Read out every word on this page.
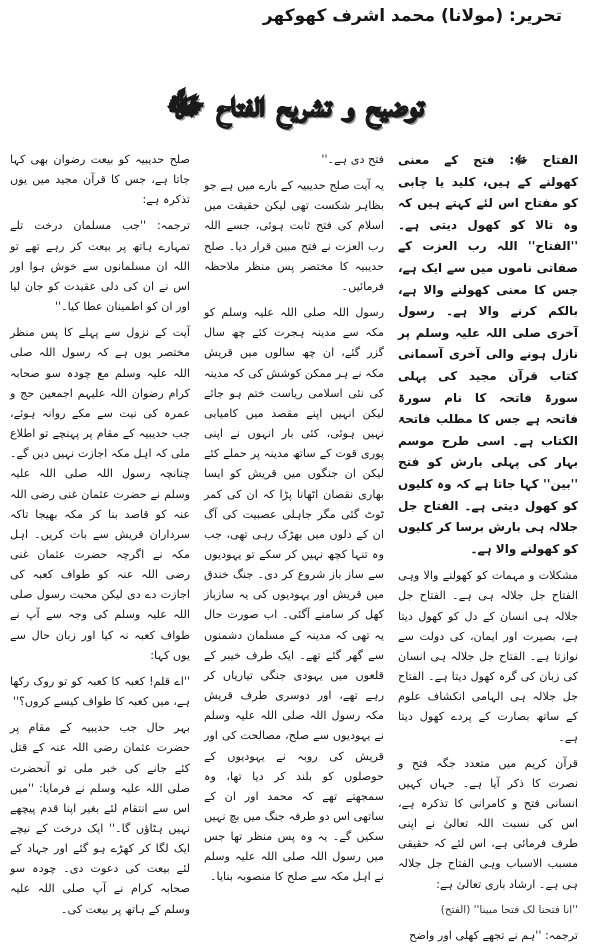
تحریر: (مولانا) محمد اشرف کھوکھر
توضیح و تشریح الفتاح ﷻ

الفتاح ﷻ: فتح کے معنی کھولنے کے ہیں، کلید یا چابی کو مفتاح اس لئے کہتے ہیں کہ وہ تالا کو کھول دیتی ہے۔ ''الفتاح'' اللہ رب العزت کے صفاتی ناموں میں سے ایک ہے، جس کا معنی کھولنے والا ہے، بالکم کرنے والا ہے۔ رسول آخری صلی اللہ علیہ وسلم پر نازل ہونے والی آخری آسمانی کتاب قرآن مجید کی پہلی سورۃ فاتحہ کا نام سورۃ فاتحہ ہے جس کا مطلب فاتحۃ الکتاب ہے۔ اسی طرح موسم بہار کی پہلی بارش کو فتح ''بین'' کہا جاتا ہے کہ وہ کلیوں کو کھول دیتی ہے۔ الفتاح جل جلالہ ہی بارش برسا کر کلیوں کو کھولنے والا ہے۔

مشکلات و مہمات کو کھولنے والا وہی الفتاح جل جلالہ ہی ہے۔ الفتاح جل جلالہ ہی انسان کے دل کو کھول دیتا ہے، بصیرت اور ایمان، کی دولت سے نوازتا ہے۔ الفتاح جل جلالہ ہی انسان کی زبان کی گرہ کھول دیتا ہے۔ الفتاح جل جلالہ ہی الہامی انکشاف علوم کے ساتھ بصارت کے پردے کھول دیتا ہے۔

قرآن کریم میں متعدد جگہ فتح و نصرت کا ذکر آیا ہے۔ جہاں کہیں انسانی فتح و کامرانی کا تذکرہ ہے، اس کی نسبت اللہ تعالیٰ نے اپنی طرف فرمائی ہے، اس لئے کہ حقیقی مسبب الاسباب وہی الفتاح جل جلالہ ہی ہے۔ ارشاد باری تعالیٰ ہے:

''انا فتحنا لک فتحا مبینا'' (الفتح)

ترجمہ: ''ہم نے تجھے کھلی اور واضح

فتح دی ہے۔''

یہ آیت صلح حدیبیہ کے بارے میں ہے جو بظاہر شکست تھی لیکن حقیقت میں اسلام کی فتح ثابت ہوئی، جسے اللہ رب العزت نے فتح مبین قرار دیا۔ صلح حدیبیہ کا مختصر پس منظر ملاحظہ فرمائیں۔

رسول اللہ صلی اللہ علیہ وسلم کو مکہ سے مدینہ ہجرت کئے چھ سال گزر گئے، ان چھ سالوں میں قریش مکہ نے ہر ممکن کوشش کی کہ مدینہ کی نئی اسلامی ریاست ختم ہو جائے لیکن انہیں اپنے مقصد میں کامیابی نہیں ہوئی، کئی بار انہوں نے اپنی پوری قوت کے ساتھ مدینہ پر حملے کئے لیکن ان جنگوں میں قریش کو ایسا بھاری نقصان اٹھانا پڑا کہ ان کی کمر ٹوٹ گئی مگر جاہلی عصبیت کی آگ ان کے دلوں میں بھڑک رہی تھی، جب وہ تنہا کچھ نہیں کر سکے تو یہودیوں سے ساز باز شروع کر دی۔ جنگ خندق میں قریش اور یہودیوں کی یہ سازباز کھل کر سامنے آگئی۔ اب صورت حال یہ تھی کہ مدینہ کے مسلمان دشمنوں سے گھر گئے تھے۔ ایک طرف خیبر کے قلعوں میں یہودی جنگی تیاریاں کر رہے تھے، اور دوسری طرف قریش مکہ رسول اللہ صلی اللہ علیہ وسلم نے یہودیوں سے صلح، مصالحت کی اور قریش کی روبہ نے یہودیوں کے حوصلوں کو بلند کر دیا تھا، وہ سمجھتے تھے کہ محمد اور ان کے ساتھی اس دو طرفہ جنگ میں بچ نہیں سکیں گے۔ یہ وہ پس منظر تھا جس میں رسول اللہ صلی اللہ علیہ وسلم نے اہل مکہ سے صلح کا منصوبہ بنایا۔

صلح حدیبیہ کو بیعت رضوان بھی کہا جاتا ہے، جس کا قرآن مجید میں یوں تذکرہ ہے:

ترجمہ: ''جب مسلمان درخت تلے تمہارے ہاتھ پر بیعت کر رہے تھے تو اللہ ان مسلمانوں سے خوش ہوا اور اس نے ان کی دلی عقیدت کو جان لیا اور ان کو اطمینان عطا کیا۔''

آیت کے نزول سے پہلے کا پس منظر مختصر یوں ہے کہ رسول اللہ صلی اللہ علیہ وسلم مع چودہ سو صحابہ کرام رضوان اللہ علیہم اجمعین حج و عمرہ کی نیت سے مکے روانہ ہوئے، جب حدیبیہ کے مقام پر پہنچے تو اطلاع ملی کہ اہل مکہ اجازت نہیں دیں گے۔ چنانچہ رسول اللہ صلی اللہ علیہ وسلم نے حضرت عثمان غنی رضی اللہ عنہ کو قاصد بنا کر مکہ بھیجا تاکہ سرداران قریش سے بات کریں۔ اہل مکہ نے اگرچہ حضرت عثمان غنی رضی اللہ عنہ کو طواف کعبہ کی اجازت دے دی لیکن محبت رسول صلی اللہ علیہ وسلم کی وجہ سے آپ نے طواف کعبہ نہ کیا اور زبان حال سے یوں کہا:

''اے قلم! کعبہ کا کعبہ کو تو روک رکھا ہے، میں کعبہ کا طواف کیسے کروں؟''

بہر حال جب حدیبیہ کے مقام پر حضرت عثمان رضی اللہ عنہ کے قتل کئے جانے کی خبر ملی تو آنحضرت صلی اللہ علیہ وسلم نے فرمایا: ''میں اس سے انتقام لئے بغیر اپنا قدم پیچھے نہیں ہٹاؤں گا۔'' ایک درخت کے نیچے ایک لگا کر کھڑے ہو گئے اور جہاد کے لئے بیعت کی دعوت دی۔ چودہ سو صحابہ کرام نے آپ صلی اللہ علیہ وسلم کے ہاتھ پر بیعت کی۔
